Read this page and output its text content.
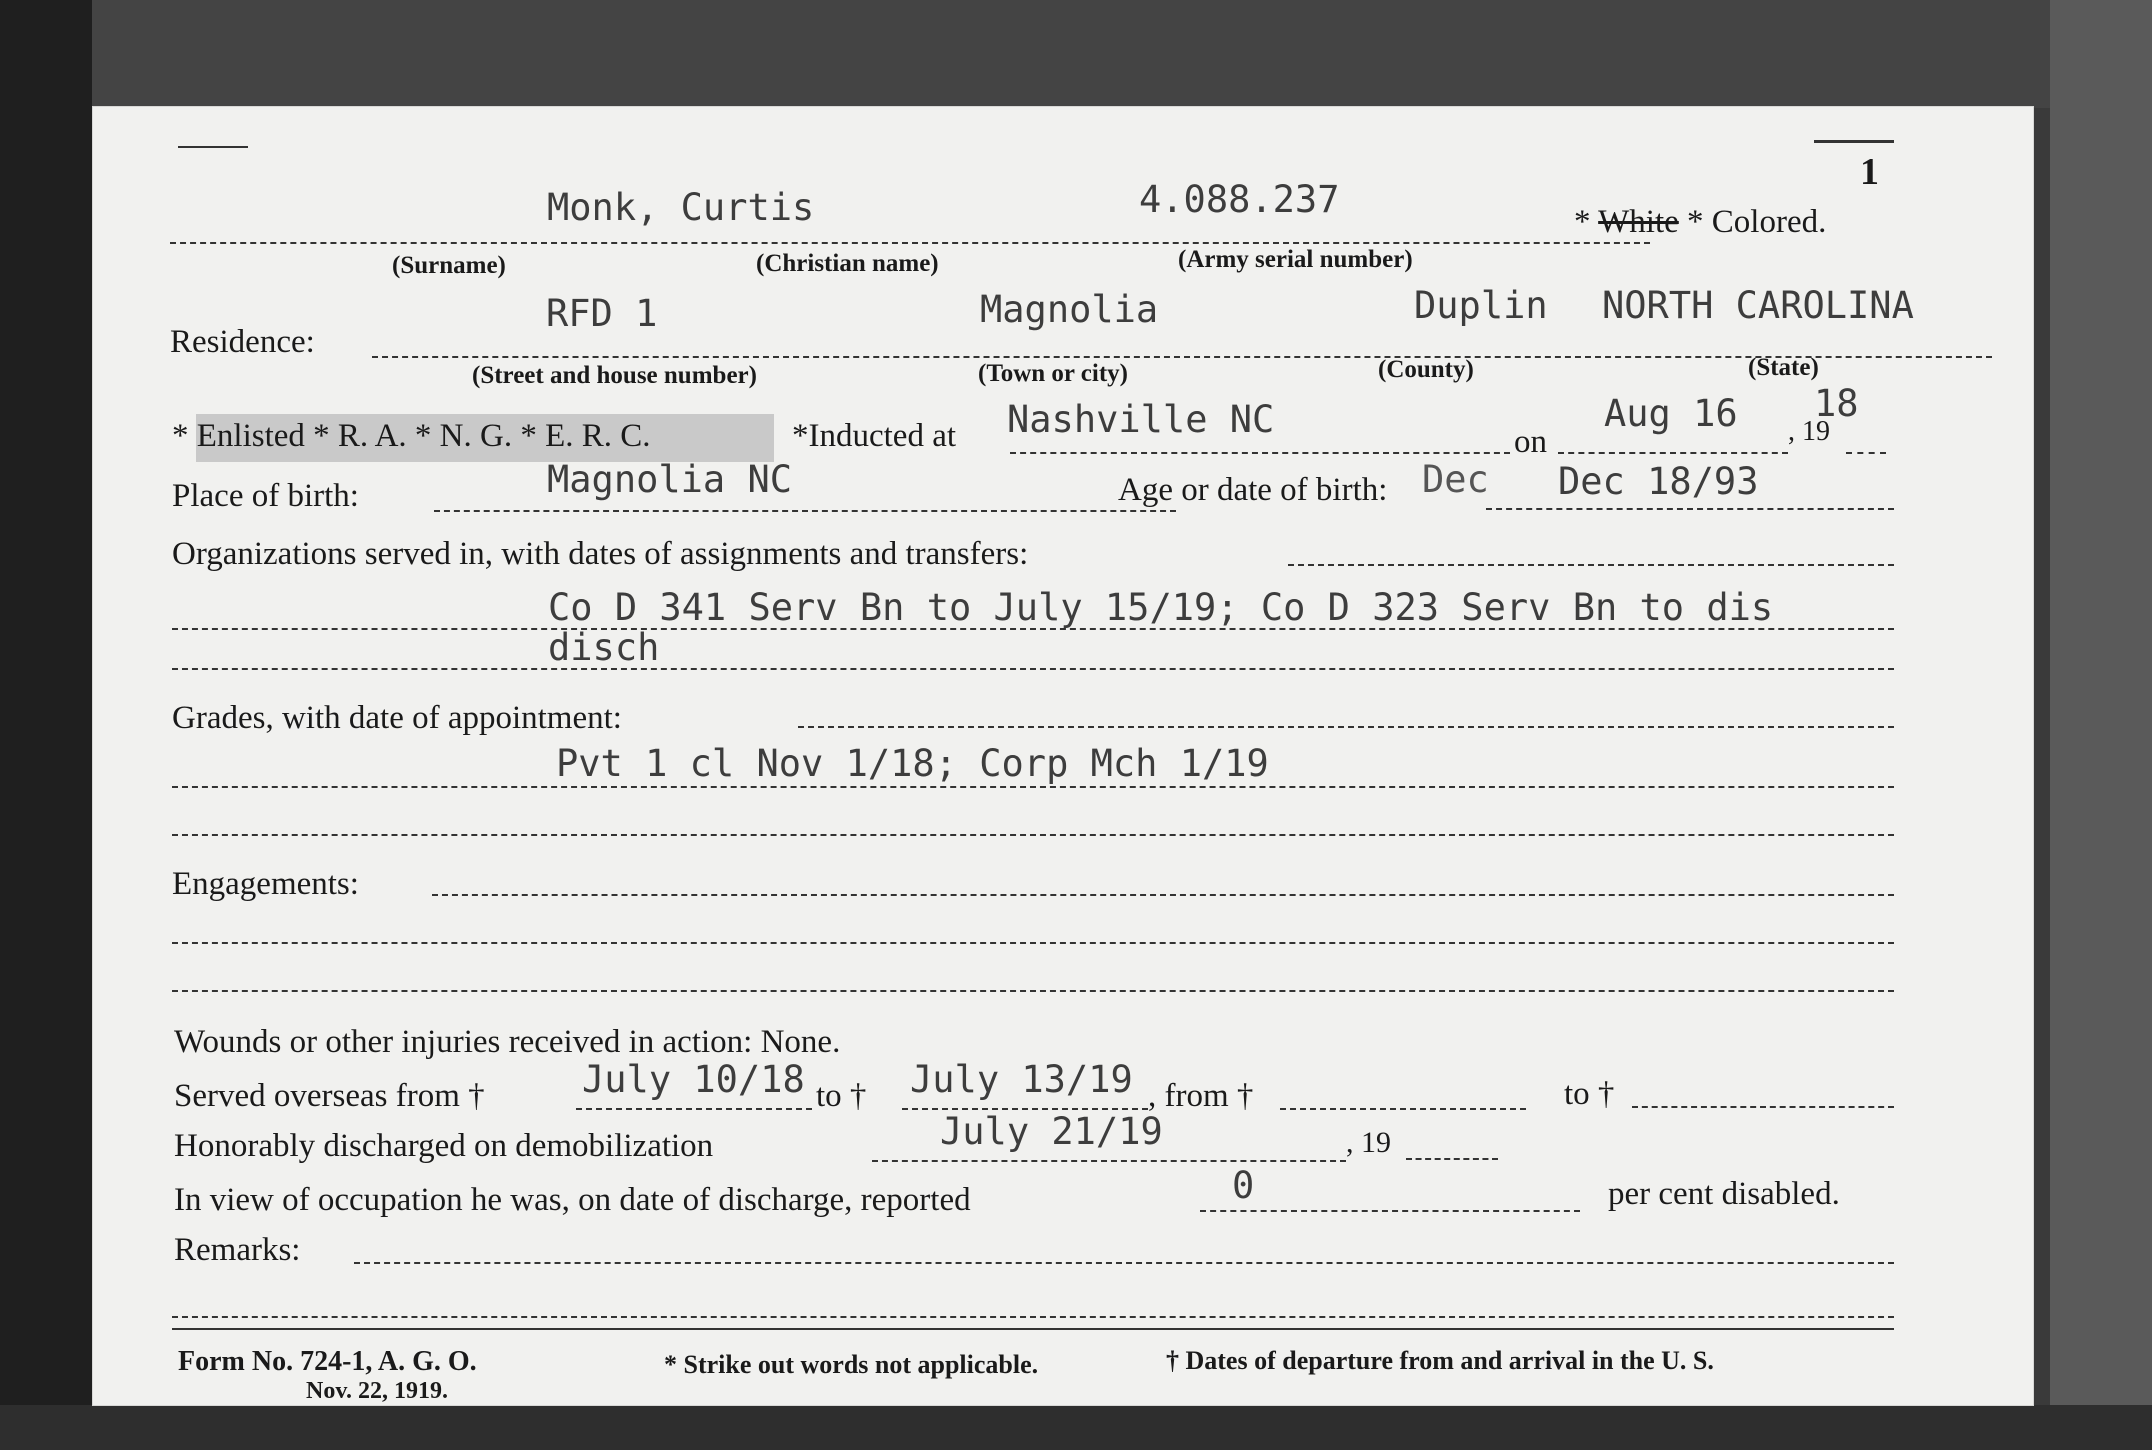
1
Monk, Curtis	4.088.237
* White * Colored.
(Surname)	(Christian name)	(Army serial number)
Residence:
RFD 1	Magnolia	Duplin NORTH CAROLINA
(Street and house number)	(Town or city)	(County)	(State)
* Enlisted * R. A. * N. G. * E. R. C.	*Inducted at Nashville NC
on
Aug 16 18
, 19
Place of birth:	Magnolia NC	Age or date of birth: Dec Dec 18/93
Organizations served in, with dates of assignments and transfers:
Co D 341 Serv Bn to July 15/19; Co D 323 Serv Bn to dis
disch
Grades, with date of appointment:
Pvt 1 cl Nov 1/18; Corp Mch 1/19
Engagements:
Wounds or other injuries received in action: None.
Served overseas from †	July 10/18 to † July 13/19 , from †	to †
Honorably discharged on demobilization	July 21/19	, 19
In view of occupation he was, on date of discharge, reported	0	per cent disabled.
Remarks:
Form No. 724-1, A. G. O.
Nov. 22, 1919.
* Strike out words not applicable.	† Dates of departure from and arrival in the U. S.
